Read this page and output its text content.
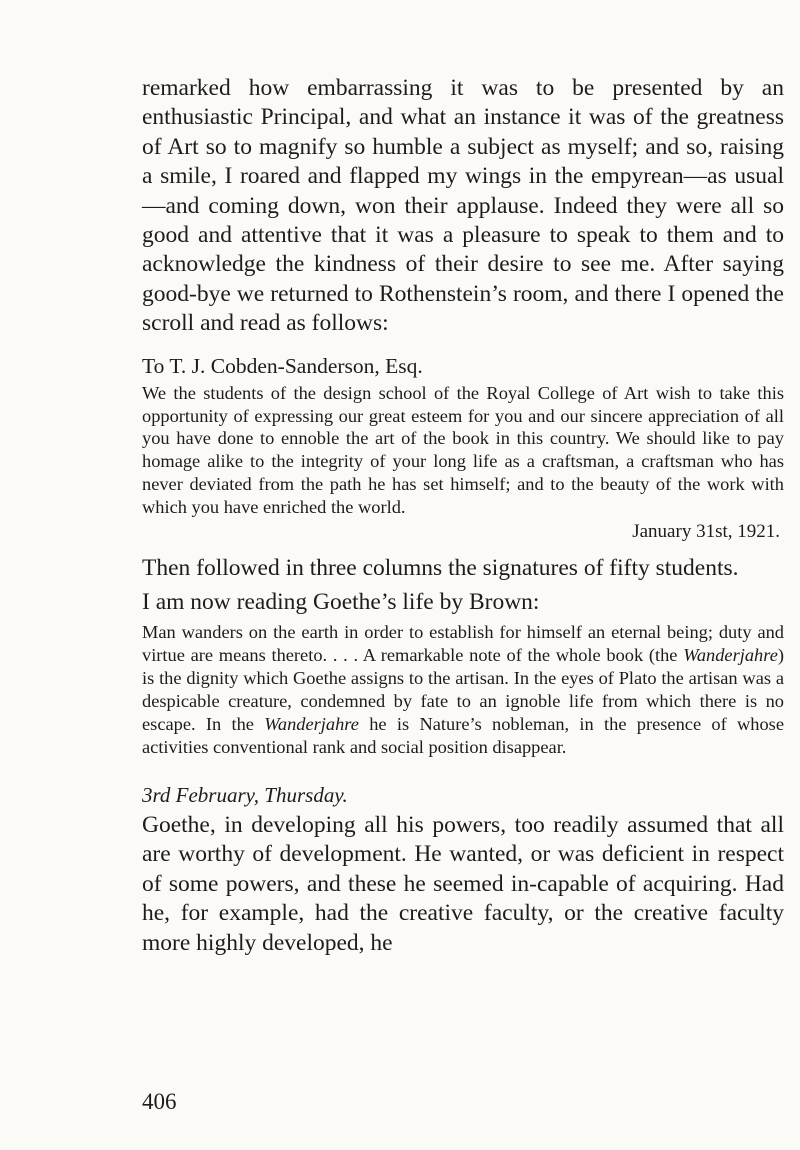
remarked how embarrassing it was to be presented by an enthusiastic Principal, and what an instance it was of the greatness of Art so to magnify so humble a subject as myself; and so, raising a smile, I roared and flapped my wings in the empyrean—as usual—and coming down, won their applause. Indeed they were all so good and attentive that it was a pleasure to speak to them and to acknowledge the kindness of their desire to see me. After saying good-bye we returned to Rothenstein’s room, and there I opened the scroll and read as follows:

To T. J. Cobden-Sanderson, Esq.

We the students of the design school of the Royal College of Art wish to take this opportunity of expressing our great esteem for you and our sincere appreciation of all you have done to ennoble the art of the book in this country. We should like to pay homage alike to the integrity of your long life as a craftsman, a craftsman who has never deviated from the path he has set himself; and to the beauty of the work with which you have enriched the world.

January 31st, 1921.

Then followed in three columns the signatures of fifty students.

I am now reading Goethe’s life by Brown:

Man wanders on the earth in order to establish for himself an eternal being; duty and virtue are means thereto. . . . A remarkable note of the whole book (the Wanderjahre) is the dignity which Goethe assigns to the artisan. In the eyes of Plato the artisan was a despicable creature, condemned by fate to an ignoble life from which there is no escape. In the Wanderjahre he is Nature’s nobleman, in the presence of whose activities conventional rank and social position disappear.

3rd February, Thursday.

Goethe, in developing all his powers, too readily assumed that all are worthy of development. He wanted, or was deficient in respect of some powers, and these he seemed in-capable of acquiring. Had he, for example, had the creative faculty, or the creative faculty more highly developed, he

406
